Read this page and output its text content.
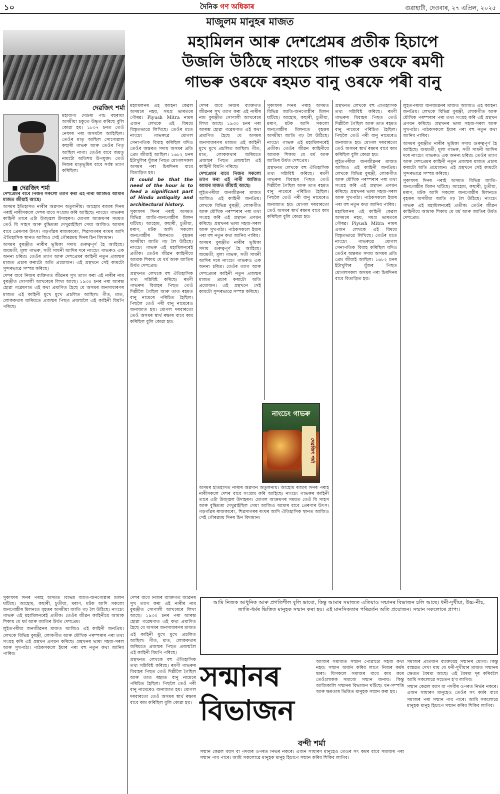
১০	দৈনিক গণ অধিকাৰ	গুৱাহাটী, দেওবাৰ, ২৭ এপ্ৰিল, ২০২৫
মাজুলম মানুহৰ মাজত
মহামিলন আৰু দেশপ্ৰেমৰ প্ৰতীক হিচাপে
উজলি উঠিছে নাংচেং গাভৰু ওৰফে ৰমণী
গাভৰু ওৰফে ৰহমত বানু ওৰফে পৰী বানু
দেৱজিৎ শৰ্মা
■ দেৱজিৎ শৰ্মা

মহাবাণী দেউৰী পাঁচ বছৰীয়া অসমীয়া চকুতে উদ্ধৃত কৰিছে বুলি কোৱা হয়। ১৮০৭ চনত তেওঁ নেফাৰ পৰা অসমলৈ আহিছিল। তেওঁৰ মাতৃ আছিল সোণোৱাল কছাৰী গাভৰু আৰু তেওঁৰ পিতৃ আছিল নাগা। তেওঁৰ বাবে জয়তু নামটো অতিশয় উপযুক্ত। তেওঁ নিজৰ মাতৃভূমিৰ বাবে সৰ্বস্ব ত্যাগ কৰিছিল।

দেশপ্ৰেমৰ বাবে নিজৰ সকলো ত্যাগ কৰা এই নাৰী আজিও আমাৰ মাজত জীয়াই আছে।

অসমৰ ইতিহাসত নাৰীৰ অৱদান অতুলনীয়। আহোম ৰজাৰ দিনৰ পৰাই নাৰীসকলে দেশৰ বাবে সংগ্ৰাম কৰি আহিছে। নাংচেং গাভৰুৰ কাহিনী তাৰে এটা উজ্জ্বল উদাহৰণ। মোগল আক্ৰমণৰ সময়ত তেওঁ যি সাহস আৰু বুদ্ধিমত্তা দেখুৱাইছিল সেয়া আজিও আমাৰ বাবে প্ৰেৰণাৰ উৎস। গড়গাঁৱৰ ৰাজকাৰেং, শিৱসাগৰৰ ৰংঘৰ আদি ঐতিহাসিক স্থানত আজিও সেই গৌৰৱময় দিনৰ চিন বিদ্যমান।

অসমৰ বুৰঞ্জীত নাৰীৰ ভূমিকা সদায় গুৰুত্বপূৰ্ণ হৈ আহিছে। জয়মতী, মূলা গাভৰু, সতী সাধনী আদিৰ দৰে নাংচেং গাভৰুও এক অনন্য চৰিত্ৰ। তেওঁৰ ত্যাগ আৰু দেশপ্ৰেমৰ কাহিনী নতুন প্ৰজন্মৰ মাজত প্ৰচাৰ কৰাটো অতি প্ৰয়োজন। এই গ্ৰন্থখনে সেই কামটো সুন্দৰভাৱে সম্পন্ন কৰিছে।

দেশৰ বাবে নিজৰ ব্যক্তিগত জীৱনৰ সুখ ত্যাগ কৰা এই নাৰীৰ নাম বুৰঞ্জীত সোণালী আখৰেৰে লিখা আছে। ১৯৩০ চনৰ পৰা আৰম্ভ হোৱা গৱেষণাত এই কথা প্ৰমাণিত হৈছে যে অসমৰ জনসাধাৰণৰ মাজত এই কাহিনী মুখে মুখে প্ৰচলিত আছিল। গীত, মাত, লোককথাৰ জৰিয়তে প্ৰজন্মৰ পিছত প্ৰজন্মলৈ এই কাহিনী বিয়পি পৰিছে।

মহামিলনৰ এই কাহিনী কেৱল অসমৰে নহয়, সমগ্ৰ ভাৰতৰে গৌৰৱ। Piyush Mitra নামৰ এজন লেখকে এই বিষয়ে বিস্তৃতভাৱে লিখিছে। তেওঁৰ মতে নাংচেং গাভৰুৱে মোগল সেনাপতিক বিবাহ কৰিছিল যদিও তেওঁৰ অন্তৰত সদায় অসমৰ প্ৰতি প্ৰেম জীয়াই আছিল। ১৬৮২ চনৰ ইটাখুলিৰ যুঁজৰ পিছত মোগলসকল অসমৰ পৰা চিৰদিনৰ বাবে বিতাড়িত হয়।

It could be that the need of the hour is to feed a significant part of Hindu antiquity and architectural history.

সুকাফাৰ দিনৰ পৰাই অসমত বিভিন্ন জাতি-জনগোষ্ঠীৰ মিলন ঘটিছে। আহোম, কছাৰী, চুতীয়া, মৰাণ, মটক আদি সকলো জনগোষ্ঠীৰ মিলনতে বৃহত্তৰ অসমীয়া জাতি গঢ় লৈ উঠিছে। নাংচেং গাভৰু এই মহামিলনৰেই প্ৰতীক। তেওঁৰ জীৱন কাহিনীয়ে আমাক শিকায় যে ধৰ্ম আৰু জাতিৰ উৰ্ধত দেশপ্ৰেম।

গ্ৰন্থখনত লেখকে বহু ঐতিহাসিক তথ্য সন্নিবিষ্ট কৰিছে। ৰমণী গাভৰুৰ বিবাহৰ পিছত তেওঁ দিল্লীলৈ গৈছিল আৰু তাত ৰহমত বানু নামেৰে পৰিচিত হৈছিল। পিছলৈ তেওঁ পৰী বানু নামেৰেও জনাজাত হয়। মোগল দৰবাৰতো তেওঁ অসমৰ স্বাৰ্থ ৰক্ষাৰ বাবে কাম কৰিছিল বুলি কোৱা হয়।

দেশৰ বাবে নিজৰ ব্যক্তিগত জীৱনৰ সুখ ত্যাগ কৰা এই নাৰীৰ নাম বুৰঞ্জীত সোণালী আখৰেৰে লিখা আছে। ১৯৩০ চনৰ পৰা আৰম্ভ হোৱা গৱেষণাত এই কথা প্ৰমাণিত হৈছে যে অসমৰ জনসাধাৰণৰ মাজত এই কাহিনী মুখে মুখে প্ৰচলিত আছিল। গীত, মাত, লোককথাৰ জৰিয়তে প্ৰজন্মৰ পিছত প্ৰজন্মলৈ এই কাহিনী বিয়পি পৰিছে।

দেশপ্ৰেমৰ বাবে নিজৰ সকলো ত্যাগ কৰা এই নাৰী আজিও আমাৰ মাজত জীয়াই আছে।

লুইতপৰীয়া জনজীৱনৰ মাজত আজিও এই কাহিনী জনপ্ৰিয়। লেখকে বিভিন্ন বুৰঞ্জী, লোকগীত আৰু মৌখিক পৰম্পৰাৰ পৰা তথ্য সংগ্ৰহ কৰি এই গ্ৰন্থখন প্ৰণয়ন কৰিছে। গ্ৰন্থখনৰ ভাষা সহজ-সৰল আৰু সুখপাঠ্য। পাঠকসকলে ইয়াৰ পৰা বহু নতুন কথা জানিব পাৰিব।

অসমৰ বুৰঞ্জীত নাৰীৰ ভূমিকা সদায় গুৰুত্বপূৰ্ণ হৈ আহিছে। জয়মতী, মূলা গাভৰু, সতী সাধনী আদিৰ দৰে নাংচেং গাভৰুও এক অনন্য চৰিত্ৰ। তেওঁৰ ত্যাগ আৰু দেশপ্ৰেমৰ কাহিনী নতুন প্ৰজন্মৰ মাজত প্ৰচাৰ কৰাটো অতি প্ৰয়োজন। এই গ্ৰন্থখনে সেই কামটো সুন্দৰভাৱে সম্পন্ন কৰিছে।

সুকাফাৰ দিনৰ পৰাই অসমত বিভিন্ন জাতি-জনগোষ্ঠীৰ মিলন ঘটিছে। আহোম, কছাৰী, চুতীয়া, মৰাণ, মটক আদি সকলো জনগোষ্ঠীৰ মিলনতে বৃহত্তৰ অসমীয়া জাতি গঢ় লৈ উঠিছে। নাংচেং গাভৰু এই মহামিলনৰেই প্ৰতীক। তেওঁৰ জীৱন কাহিনীয়ে আমাক শিকায় যে ধৰ্ম আৰু জাতিৰ উৰ্ধত দেশপ্ৰেম।

গ্ৰন্থখনত লেখকে বহু ঐতিহাসিক তথ্য সন্নিবিষ্ট কৰিছে। ৰমণী গাভৰুৰ বিবাহৰ পিছত তেওঁ দিল্লীলৈ গৈছিল আৰু তাত ৰহমত বানু নামেৰে পৰিচিত হৈছিল। পিছলৈ তেওঁ পৰী বানু নামেৰেও জনাজাত হয়। মোগল দৰবাৰতো তেওঁ অসমৰ স্বাৰ্থ ৰক্ষাৰ বাবে কাম কৰিছিল বুলি কোৱা হয়।

গ্ৰন্থখনত লেখকে বহু ঐতিহাসিক তথ্য সন্নিবিষ্ট কৰিছে। ৰমণী গাভৰুৰ বিবাহৰ পিছত তেওঁ দিল্লীলৈ গৈছিল আৰু তাত ৰহমত বানু নামেৰে পৰিচিত হৈছিল। পিছলৈ তেওঁ পৰী বানু নামেৰেও জনাজাত হয়। মোগল দৰবাৰতো তেওঁ অসমৰ স্বাৰ্থ ৰক্ষাৰ বাবে কাম কৰিছিল বুলি কোৱা হয়।

লুইতপৰীয়া জনজীৱনৰ মাজত আজিও এই কাহিনী জনপ্ৰিয়। লেখকে বিভিন্ন বুৰঞ্জী, লোকগীত আৰু মৌখিক পৰম্পৰাৰ পৰা তথ্য সংগ্ৰহ কৰি এই গ্ৰন্থখন প্ৰণয়ন কৰিছে। গ্ৰন্থখনৰ ভাষা সহজ-সৰল আৰু সুখপাঠ্য। পাঠকসকলে ইয়াৰ পৰা বহু নতুন কথা জানিব পাৰিব।

মহামিলনৰ এই কাহিনী কেৱল অসমৰে নহয়, সমগ্ৰ ভাৰতৰে গৌৰৱ। Piyush Mitra নামৰ এজন লেখকে এই বিষয়ে বিস্তৃতভাৱে লিখিছে। তেওঁৰ মতে নাংচেং গাভৰুৱে মোগল সেনাপতিক বিবাহ কৰিছিল যদিও তেওঁৰ অন্তৰত সদায় অসমৰ প্ৰতি প্ৰেম জীয়াই আছিল। ১৬৮২ চনৰ ইটাখুলিৰ যুঁজৰ পিছত মোগলসকল অসমৰ পৰা চিৰদিনৰ বাবে বিতাড়িত হয়।

লুইতপৰীয়া জনজীৱনৰ মাজত আজিও এই কাহিনী জনপ্ৰিয়। লেখকে বিভিন্ন বুৰঞ্জী, লোকগীত আৰু মৌখিক পৰম্পৰাৰ পৰা তথ্য সংগ্ৰহ কৰি এই গ্ৰন্থখন প্ৰণয়ন কৰিছে। গ্ৰন্থখনৰ ভাষা সহজ-সৰল আৰু সুখপাঠ্য। পাঠকসকলে ইয়াৰ পৰা বহু নতুন কথা জানিব পাৰিব।

অসমৰ বুৰঞ্জীত নাৰীৰ ভূমিকা সদায় গুৰুত্বপূৰ্ণ হৈ আহিছে। জয়মতী, মূলা গাভৰু, সতী সাধনী আদিৰ দৰে নাংচেং গাভৰুও এক অনন্য চৰিত্ৰ। তেওঁৰ ত্যাগ আৰু দেশপ্ৰেমৰ কাহিনী নতুন প্ৰজন্মৰ মাজত প্ৰচাৰ কৰাটো অতি প্ৰয়োজন। এই গ্ৰন্থখনে সেই কামটো সুন্দৰভাৱে সম্পন্ন কৰিছে।

সুকাফাৰ দিনৰ পৰাই অসমত বিভিন্ন জাতি-জনগোষ্ঠীৰ মিলন ঘটিছে। আহোম, কছাৰী, চুতীয়া, মৰাণ, মটক আদি সকলো জনগোষ্ঠীৰ মিলনতে বৃহত্তৰ অসমীয়া জাতি গঢ় লৈ উঠিছে। নাংচেং গাভৰু এই মহামিলনৰেই প্ৰতীক। তেওঁৰ জীৱন কাহিনীয়ে আমাক শিকায় যে ধৰ্ম আৰু জাতিৰ উৰ্ধত দেশপ্ৰেম।

নাংচেং গাভৰু
দেৱজিৎ শৰ্মা

অসমৰ ইতিহাসত নাৰীৰ অৱদান অতুলনীয়। আহোম ৰজাৰ দিনৰ পৰাই নাৰীসকলে দেশৰ বাবে সংগ্ৰাম কৰি আহিছে। নাংচেং গাভৰুৰ কাহিনী তাৰে এটা উজ্জ্বল উদাহৰণ। মোগল আক্ৰমণৰ সময়ত তেওঁ যি সাহস আৰু বুদ্ধিমত্তা দেখুৱাইছিল সেয়া আজিও আমাৰ বাবে প্ৰেৰণাৰ উৎস। গড়গাঁৱৰ ৰাজকাৰেং, শিৱসাগৰৰ ৰংঘৰ আদি ঐতিহাসিক স্থানত আজিও সেই গৌৰৱময় দিনৰ চিন বিদ্যমান।

আমি নিজক আধুনিক আৰু প্ৰগতিশীল বুলি ভাবো, কিন্তু আমাৰ সমাজত এতিয়াও সন্মানৰ বিভাজন চলি আছে। ধনী-দুখীয়া, উচ্চ-নীচ, জাতি-ধৰ্মৰ ভিত্তিত মানুহক সন্মান কৰা হয়। এই মানসিকতাৰ পৰিৱৰ্তন অতি প্ৰয়োজন। সন্মান সকলোৰে প্ৰাপ্য।
সন্মানৰ
বিভাজন

আজিৰ সমাজত সন্মান পোৱাটো সহজ কথা নহয়। সন্মান অৰ্জন কৰিব লাগে নিজৰ কৰ্মৰ দ্বাৰা। যিসকলে সমাজৰ বাবে কাম কৰে তেওঁলোকক সমাজে সন্মান জনায়। কিন্তু আজিকালি সন্মানৰ বিভাজন ঘটিছে। ধন-সম্পত্তি আৰু ক্ষমতাৰ ভিত্তিত মানুহক সন্মান কৰা হয়।

বন্দী শৰ্মা

সমাজৰ প্ৰতিজন ব্যক্তিয়েই সন্মানৰ যোগ্য। কিন্তু বাস্তৱত দেখা যায় যে ধনী-দুখীয়াৰ মাজত সন্মানৰ ক্ষেত্ৰত বৈষম্য আছে। এই বৈষম্য দূৰ কৰিবলৈ আমি সকলোৱে সচেতন হ'ব লাগিব।

সন্মান কেৱল বয়স বা পদবীৰ ওপৰত নিৰ্ভৰ নকৰে। এজন সাধাৰণ মানুহেও তেওঁৰ সৎ কৰ্মৰ বাবে সমাজৰ পৰা সন্মান পাব পাৰে। আমি সকলোৱে মানুহক মানুহ হিচাপে সন্মান কৰিব শিকিব লাগিব।

সন্মান কেৱল বয়স বা পদবীৰ ওপৰত নিৰ্ভৰ নকৰে। এজন সাধাৰণ মানুহেও তেওঁৰ সৎ কৰ্মৰ বাবে সমাজৰ পৰা সন্মান পাব পাৰে। আমি সকলোৱে মানুহক মানুহ হিচাপে সন্মান কৰিব শিকিব লাগিব।

সুকাফাৰ দিনৰ পৰাই অসমত বিভিন্ন জাতি-জনগোষ্ঠীৰ মিলন ঘটিছে। আহোম, কছাৰী, চুতীয়া, মৰাণ, মটক আদি সকলো জনগোষ্ঠীৰ মিলনতে বৃহত্তৰ অসমীয়া জাতি গঢ় লৈ উঠিছে। নাংচেং গাভৰু এই মহামিলনৰেই প্ৰতীক। তেওঁৰ জীৱন কাহিনীয়ে আমাক শিকায় যে ধৰ্ম আৰু জাতিৰ উৰ্ধত দেশপ্ৰেম।

লুইতপৰীয়া জনজীৱনৰ মাজত আজিও এই কাহিনী জনপ্ৰিয়। লেখকে বিভিন্ন বুৰঞ্জী, লোকগীত আৰু মৌখিক পৰম্পৰাৰ পৰা তথ্য সংগ্ৰহ কৰি এই গ্ৰন্থখন প্ৰণয়ন কৰিছে। গ্ৰন্থখনৰ ভাষা সহজ-সৰল আৰু সুখপাঠ্য। পাঠকসকলে ইয়াৰ পৰা বহু নতুন কথা জানিব পাৰিব।

দেশৰ বাবে নিজৰ ব্যক্তিগত জীৱনৰ সুখ ত্যাগ কৰা এই নাৰীৰ নাম বুৰঞ্জীত সোণালী আখৰেৰে লিখা আছে। ১৯৩০ চনৰ পৰা আৰম্ভ হোৱা গৱেষণাত এই কথা প্ৰমাণিত হৈছে যে অসমৰ জনসাধাৰণৰ মাজত এই কাহিনী মুখে মুখে প্ৰচলিত আছিল। গীত, মাত, লোককথাৰ জৰিয়তে প্ৰজন্মৰ পিছত প্ৰজন্মলৈ এই কাহিনী বিয়পি পৰিছে।

গ্ৰন্থখনত লেখকে বহু ঐতিহাসিক তথ্য সন্নিবিষ্ট কৰিছে। ৰমণী গাভৰুৰ বিবাহৰ পিছত তেওঁ দিল্লীলৈ গৈছিল আৰু তাত ৰহমত বানু নামেৰে পৰিচিত হৈছিল। পিছলৈ তেওঁ পৰী বানু নামেৰেও জনাজাত হয়। মোগল দৰবাৰতো তেওঁ অসমৰ স্বাৰ্থ ৰক্ষাৰ বাবে কাম কৰিছিল বুলি কোৱা হয়।
